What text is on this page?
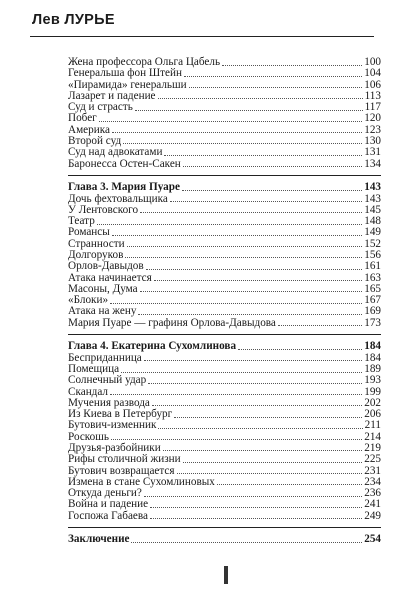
Лев ЛУРЬЕ
Жена профессора Ольга Цабель	100
Генеральша фон Штейн	104
«Пирамида» генеральши	106
Лазарет и падение	113
Суд и страсть	117
Побег	120
Америка	123
Второй суд	130
Суд над адвокатами	131
Баронесса Остен-Сакен	134
Глава 3. Мария Пуаре	143
Дочь фехтовальщика	143
У Лентовского	145
Театр	148
Романсы	149
Странности	152
Долгоруков	156
Орлов-Давыдов	161
Атака начинается	163
Масоны, Дума	165
«Блоки»	167
Атака на жену	169
Мария Пуаре — графиня Орлова-Давыдова	173
Глава 4. Екатерина Сухомлинова	184
Бесприданница	184
Помещица	189
Солнечный удар	193
Скандал	199
Мучения развода	202
Из Киева в Петербург	206
Бутович-изменник	211
Роскошь	214
Друзья-разбойники	219
Рифы столичной жизни	225
Бутович возвращается	231
Измена в стане Сухомлиновых	234
Откуда деньги?	236
Война и падение	241
Госпожа Габаева	249
Заключение	254
